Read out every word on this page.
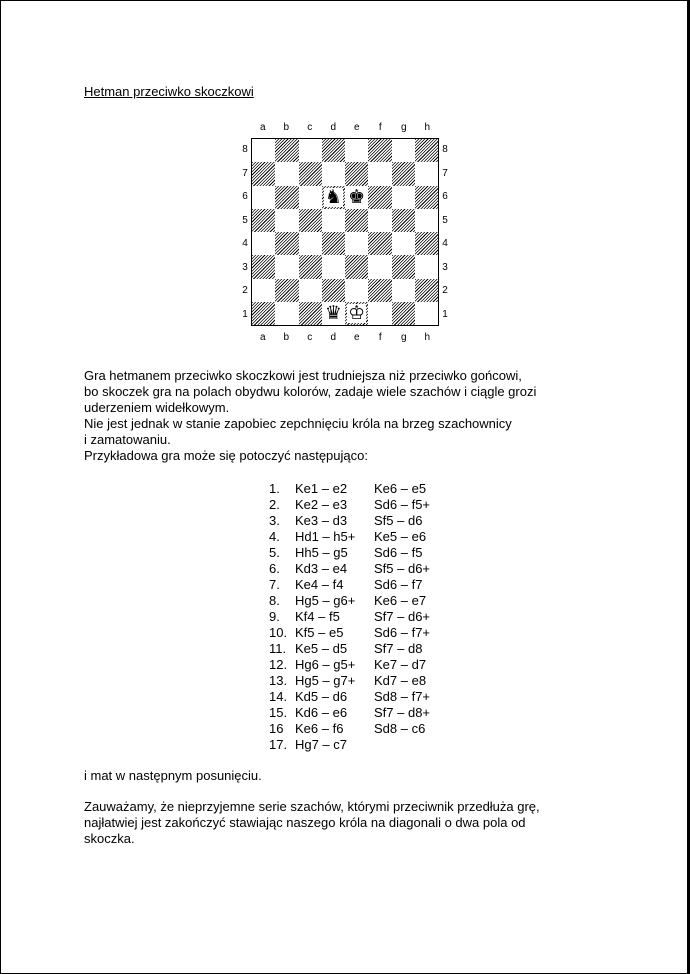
Hetman przeciwko skoczkowi
a	b	c	d	e	f	g	h
8
7
6
5
4
3
2
1
♞ ♚
♛ ♔
8
7
6
5
4
3
2
1
a	b	c	d	e	f	g	h
Gra hetmanem przeciwko skoczkowi jest trudniejsza niż przeciwko gońcowi,
bo skoczek gra na polach obydwu kolorów, zadaje wiele szachów i ciągle grozi
uderzeniem widełkowym.
Nie jest jednak w stanie zapobiec zepchnięciu króla na brzeg szachownicy
i zamatowaniu.
Przykładowa gra może się potoczyć następująco:
1.	Ke1 – e2	Ke6 – e5
2.	Ke2 – e3	Sd6 – f5+
3.	Ke3 – d3	Sf5 – d6
4.	Hd1 – h5+	Ke5 – e6
5.	Hh5 – g5	Sd6 – f5
6.	Kd3 – e4	Sf5 – d6+
7.	Ke4 – f4	Sd6 – f7
8.	Hg5 – g6+	Ke6 – e7
9.	Kf4 – f5	Sf7 – d6+
10. Kf5 – e5	Sd6 – f7+
11. Ke5 – d5	Sf7 – d8
12. Hg6 – g5+	Ke7 – d7
13. Hg5 – g7+	Kd7 – e8
14. Kd5 – d6	Sd8 – f7+
15. Kd6 – e6	Sf7 – d8+
16 Ke6 – f6	Sd8 – c6
17. Hg7 – c7
i mat w następnym posunięciu.
Zauważamy, że nieprzyjemne serie szachów, którymi przeciwnik przedłuża grę,
najłatwiej jest zakończyć stawiając naszego króla na diagonali o dwa pola od
skoczka.
